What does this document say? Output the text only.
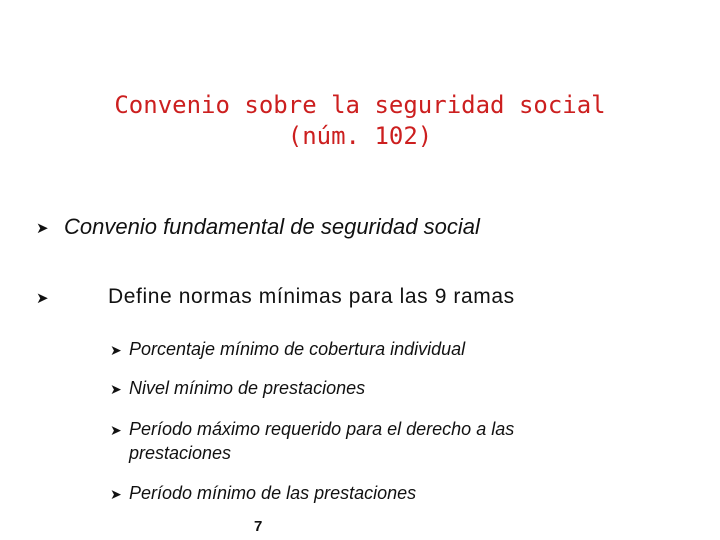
Convenio sobre la seguridad social
(núm. 102)
➤ Convenio fundamental de seguridad social
➤	Define normas mínimas para las 9 ramas
➤ Porcentaje mínimo de cobertura individual
➤ Nivel mínimo de prestaciones
➤ Período máximo requerido para el derecho a las prestaciones
➤ Período mínimo de las prestaciones
7
